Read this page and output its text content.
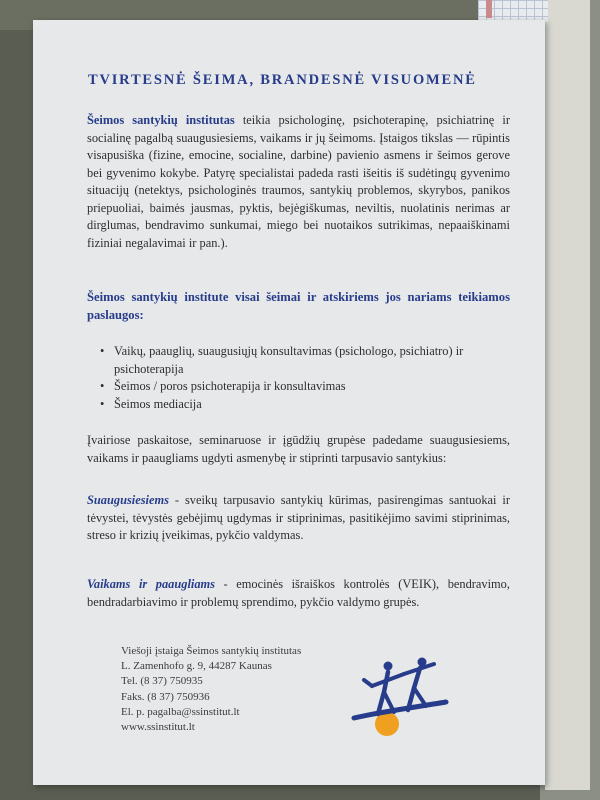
TVIRTESNĖ ŠEIMA, BRANDESNĖ VISUOMENĖ
Šeimos santykių institutas teikia psichologinę, psichoterapinę, psichiatrinę ir socialinę pagalbą suaugusiesiems, vaikams ir jų šeimoms. Įstaigos tikslas — rūpintis visapusiška (fizine, emocine, socialine, darbine) pavienio asmens ir šeimos gerove bei gyvenimo kokybe. Patyrę specialistai padeda rasti išeitis iš sudėtingų gyvenimo situacijų (netektys, psichologinės traumos, santykių problemos, skyrybos, panikos priepuoliai, baimės jausmas, pyktis, bejėgiškumas, neviltis, nuolatinis nerimas ar dirglumas, bendravimo sunkumai, miego bei nuotaikos sutrikimas, nepaaiškinami fiziniai negalavimai ir pan.).
Šeimos santykių institute visai šeimai ir atskiriems jos nariams teikiamos paslaugos:
• Vaikų, paauglių, suaugusiųjų konsultavimas (psichologo, psichiatro) ir psichoterapija
• Šeimos / poros psichoterapija ir konsultavimas
• Šeimos mediacija
Įvairiose paskaitose, seminaruose ir įgūdžių grupėse padedame suaugusiesiems, vaikams ir paaugliams ugdyti asmenybę ir stiprinti tarpusavio santykius:
Suaugusiesiems - sveikų tarpusavio santykių kūrimas, pasirengimas santuokai ir tėvystei, tėvystės gebėjimų ugdymas ir stiprinimas, pasitikėjimo savimi stiprinimas, streso ir krizių įveikimas, pykčio valdymas.
Vaikams ir paaugliams - emocinės išraiškos kontrolės (VEIK), bendravimo, bendradarbiavimo ir problemų sprendimo, pykčio valdymo grupės.
Viešoji įstaiga Šeimos santykių institutas
L. Zamenhofo g. 9, 44287 Kaunas
Tel. (8 37) 750935
Faks. (8 37) 750936
El. p. pagalba@ssinstitut.lt
www.ssinstitut.lt
